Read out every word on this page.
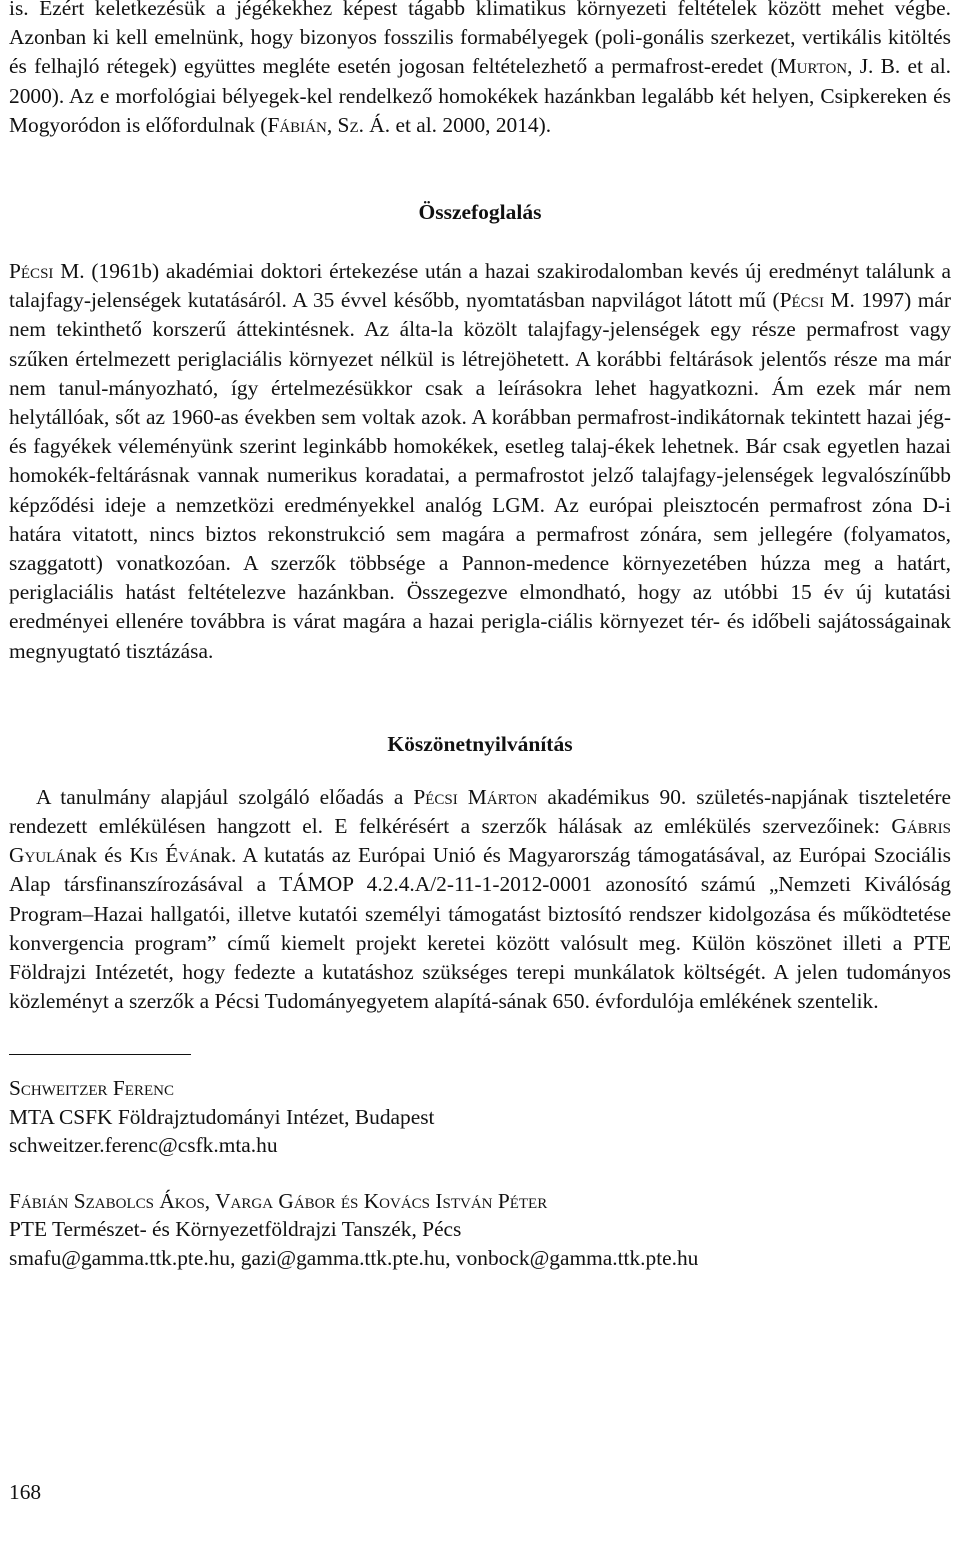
is. Ezért keletkezésük a jégékekhez képest tágabb klimatikus környezeti feltételek között mehet végbe. Azonban ki kell emelnünk, hogy bizonyos fosszilis formabélyegek (poli-gonális szerkezet, vertikális kitöltés és felhajló rétegek) együttes megléte esetén jogosan feltételezhető a permafrost-eredet (Murton, J. B. et al. 2000). Az e morfológiai bélyegek-kel rendelkező homokékek hazánkban legalább két helyen, Csipkereken és Mogyoródon is előfordulnak (Fábián, Sz. Á. et al. 2000, 2014).

Összefoglalás

Pécsi M. (1961b) akadémiai doktori értekezése után a hazai szakirodalomban kevés új eredményt találunk a talajfagy-jelenségek kutatásáról. A 35 évvel később, nyomtatásban napvilágot látott mű (Pécsi M. 1997) már nem tekinthető korszerű áttekintésnek. Az álta-la közölt talajfagy-jelenségek egy része permafrost vagy szűken értelmezett periglaciális környezet nélkül is létrejöhetett. A korábbi feltárások jelentős része ma már nem tanul-mányozható, így értelmezésükkor csak a leírásokra lehet hagyatkozni. Ám ezek már nem helytállóak, sőt az 1960-as években sem voltak azok. A korábban permafrost-indikátornak tekintett hazai jég- és fagyékek véleményünk szerint leginkább homokékek, esetleg talaj-ékek lehetnek. Bár csak egyetlen hazai homokék-feltárásnak vannak numerikus koradatai, a permafrostot jelző talajfagy-jelenségek legvalószínűbb képződési ideje a nemzetközi eredményekkel analóg LGM. Az európai pleisztocén permafrost zóna D-i határa vitatott, nincs biztos rekonstrukció sem magára a permafrost zónára, sem jellegére (folyamatos, szaggatott) vonatkozóan. A szerzők többsége a Pannon-medence környezetében húzza meg a határt, periglaciális hatást feltételezve hazánkban. Összegezve elmondható, hogy az utóbbi 15 év új kutatási eredményei ellenére továbbra is várat magára a hazai perigla-ciális környezet tér- és időbeli sajátosságainak megnyugtató tisztázása.

Köszönetnyilvánítás

A tanulmány alapjául szolgáló előadás a Pécsi Márton akadémikus 90. születés-napjának tiszteletére rendezett emlékülésen hangzott el. E felkérésért a szerzők hálásak az emlékülés szervezőinek: Gábris Gyulának és Kis Évának. A kutatás az Európai Unió és Magyarország támogatásával, az Európai Szociális Alap társfinanszírozásával a TÁMOP 4.2.4.A/2-11-1-2012-0001 azonosító számú „Nemzeti Kiválóság Program–Hazai hallgatói, illetve kutatói személyi támogatást biztosító rendszer kidolgozása és működtetése konvergencia program” című kiemelt projekt keretei között valósult meg. Külön köszönet illeti a PTE Földrajzi Intézetét, hogy fedezte a kutatáshoz szükséges terepi munkálatok költségét. A jelen tudományos közleményt a szerzők a Pécsi Tudományegyetem alapítá-sának 650. évfordulója emlékének szentelik.

Schweitzer Ferenc

MTA CSFK Földrajztudományi Intézet, Budapest

schweitzer.ferenc@csfk.mta.hu

Fábián Szabolcs Ákos, Varga Gábor és Kovács István Péter

PTE Természet- és Környezetföldrajzi Tanszék, Pécs

smafu@gamma.ttk.pte.hu, gazi@gamma.ttk.pte.hu, vonbock@gamma.ttk.pte.hu

168
